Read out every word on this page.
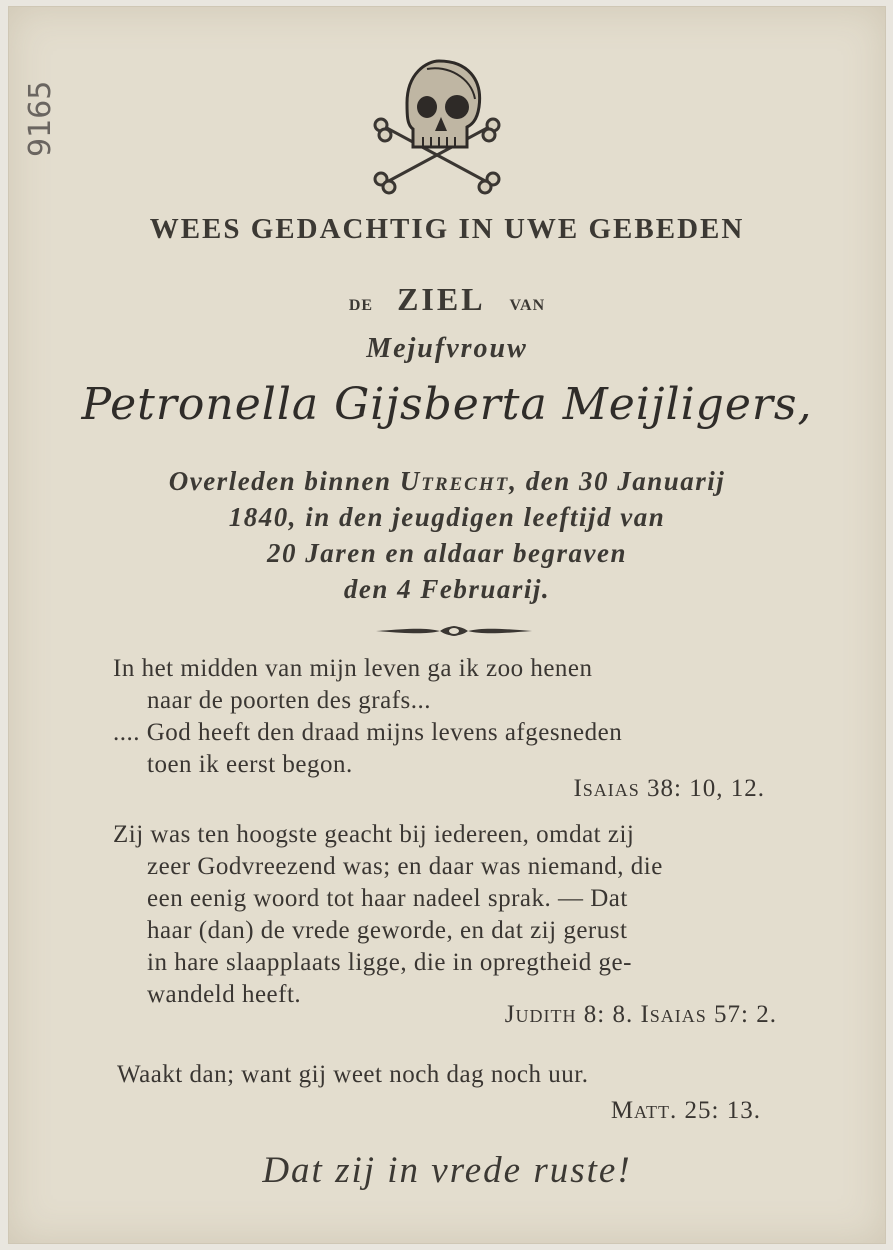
9165
WEES GEDACHTIG IN UWE GEBEDEN
DE ZIEL VAN
Mejufvrouw
Petronella Gijsberta Meijligers,
Overleden binnen Utrecht, den 30 Januarij
1840, in den jeugdigen leeftijd van
20 Jaren en aldaar begraven
den 4 Februarij.
In het midden van mijn leven ga ik zoo henen
naar de poorten des grafs...
.... God heeft den draad mijns levens afgesneden
toen ik eerst begon.
Isaias 38: 10, 12.
Zij was ten hoogste geacht bij iedereen, omdat zij
zeer Godvreezend was; en daar was niemand, die
een eenig woord tot haar nadeel sprak. — Dat
haar (dan) de vrede geworde, en dat zij gerust
in hare slaapplaats ligge, die in opregtheid ge-
wandeld heeft.
Judith 8: 8. Isaias 57: 2.
Waakt dan; want gij weet noch dag noch uur.
Matt. 25: 13.
Dat zij in vrede ruste!
